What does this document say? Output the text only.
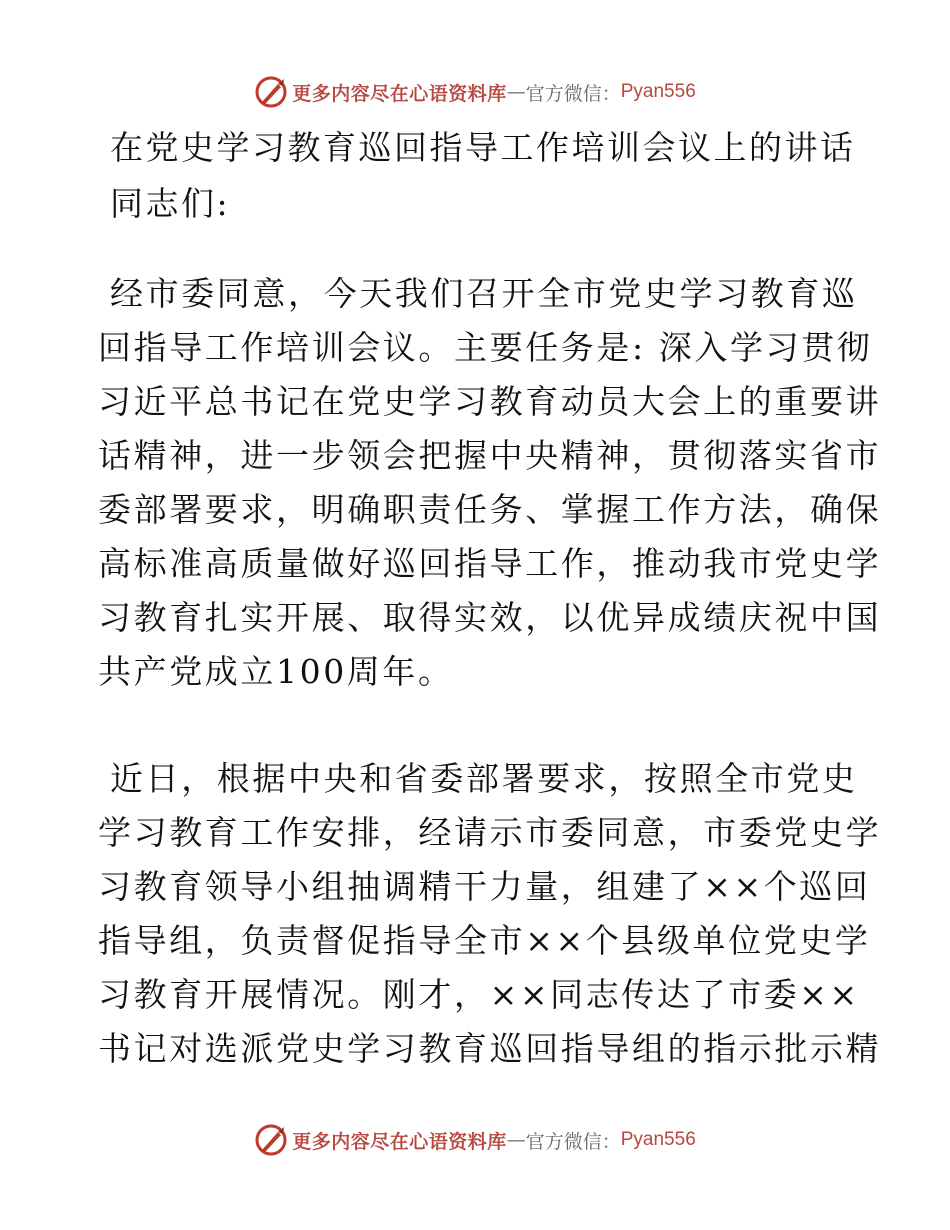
更多内容尽在心语资料库 — 官方微信： Pyan556
在党史学习教育巡回指导工作培训会议上的讲话

同志们:

经市委同意，今天我们召开全市党史学习教育巡
回指导工作培训会议。主要任务是: 深入学习贯彻
习近平总书记在党史学习教育动员大会上的重要讲
话精神，进一步领会把握中央精神，贯彻落实省市
委部署要求，明确职责任务、掌握工作方法，确保
高标准高质量做好巡回指导工作，推动我市党史学
习教育扎实开展、取得实效，以优异成绩庆祝中国
共产党成立100周年。
近日，根据中央和省委部署要求，按照全市党史
学习教育工作安排，经请示市委同意，市委党史学
习教育领导小组抽调精干力量，组建了××个巡回
指导组，负责督促指导全市××个县级单位党史学
习教育开展情况。刚才，××同志传达了市委××
书记对选派党史学习教育巡回指导组的指示批示精
更多内容尽在心语资料库 — 官方微信： Pyan556
